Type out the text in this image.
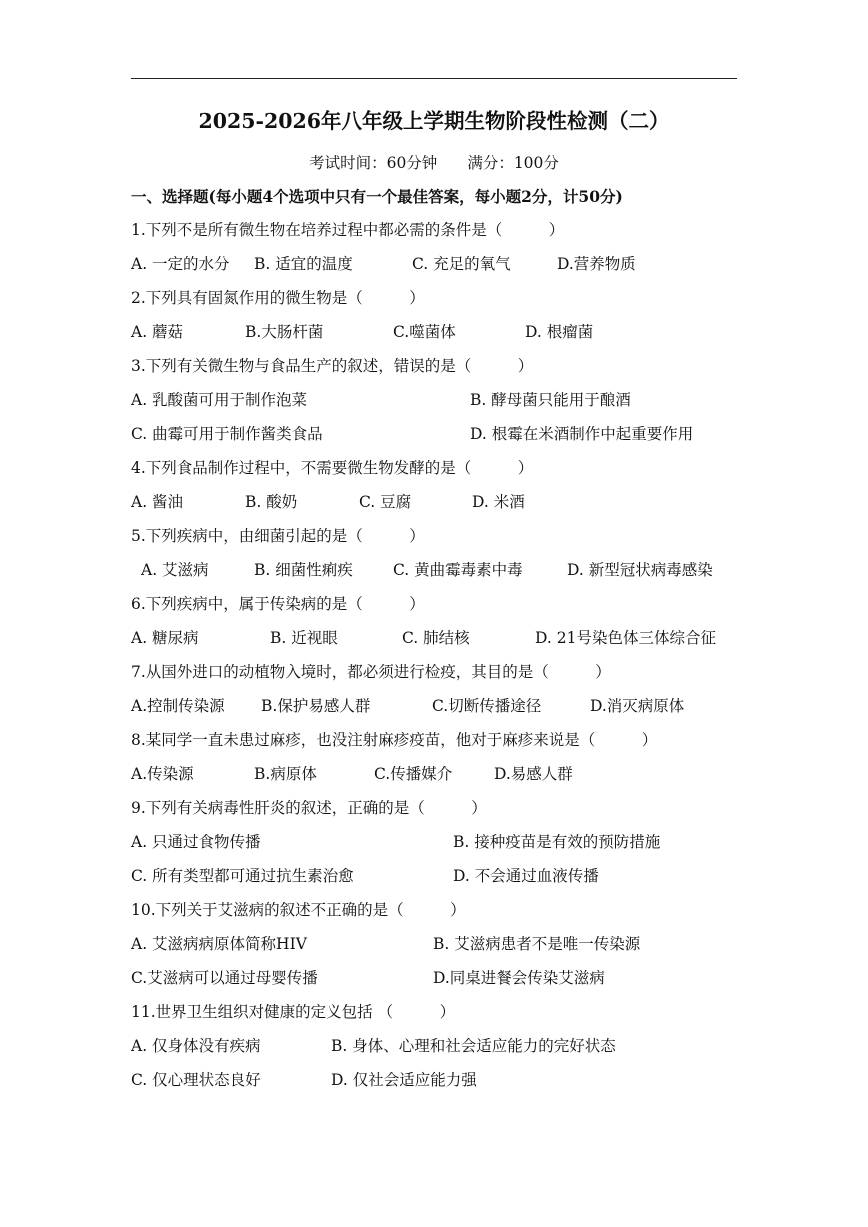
2025-2026年八年级上学期生物阶段性检测（二）
考试时间：60分钟 满分：100分
一、选择题(每小题4个选项中只有一个最佳答案，每小题2分，计50分)
1.下列不是所有微生物在培养过程中都必需的条件是（　　　）
A. 一定的水分 B. 适宜的温度	C. 充足的氧气	D.营养物质
2.下列具有固氮作用的微生物是（　　　）
A. 蘑菇	B.大肠杆菌	C.噬菌体	D. 根瘤菌
3.下列有关微生物与食品生产的叙述，错误的是（　　　）
A. 乳酸菌可用于制作泡菜	B. 酵母菌只能用于酿酒
C. 曲霉可用于制作酱类食品	D. 根霉在米酒制作中起重要作用
4.下列食品制作过程中，不需要微生物发酵的是（　　　）
A. 酱油	B. 酸奶	C. 豆腐	D. 米酒
5.下列疾病中，由细菌引起的是（　　　）
A. 艾滋病	B. 细菌性痢疾	C. 黄曲霉毒素中毒	D. 新型冠状病毒感染
6.下列疾病中，属于传染病的是（　　　）
A. 糖尿病	B. 近视眼	C. 肺结核	D. 21号染色体三体综合征
7.从国外进口的动植物入境时，都必须进行检疫，其目的是（　　　）
A.控制传染源 B.保护易感人群	C.切断传播途径	D.消灭病原体
8.某同学一直未患过麻疹，也没注射麻疹疫苗，他对于麻疹来说是（　　　）
A.传染源	B.病原体	C.传播媒介	D.易感人群
9.下列有关病毒性肝炎的叙述，正确的是（　　　）
A. 只通过食物传播	B. 接种疫苗是有效的预防措施
C. 所有类型都可通过抗生素治愈	D. 不会通过血液传播
10.下列关于艾滋病的叙述不正确的是（　　　）
A. 艾滋病病原体简称HIV	B. 艾滋病患者不是唯一传染源
C.艾滋病可以通过母婴传播	D.同桌进餐会传染艾滋病
11.世界卫生组织对健康的定义包括 （　　　）
A. 仅身体没有疾病	B. 身体、心理和社会适应能力的完好状态
C. 仅心理状态良好	D. 仅社会适应能力强
